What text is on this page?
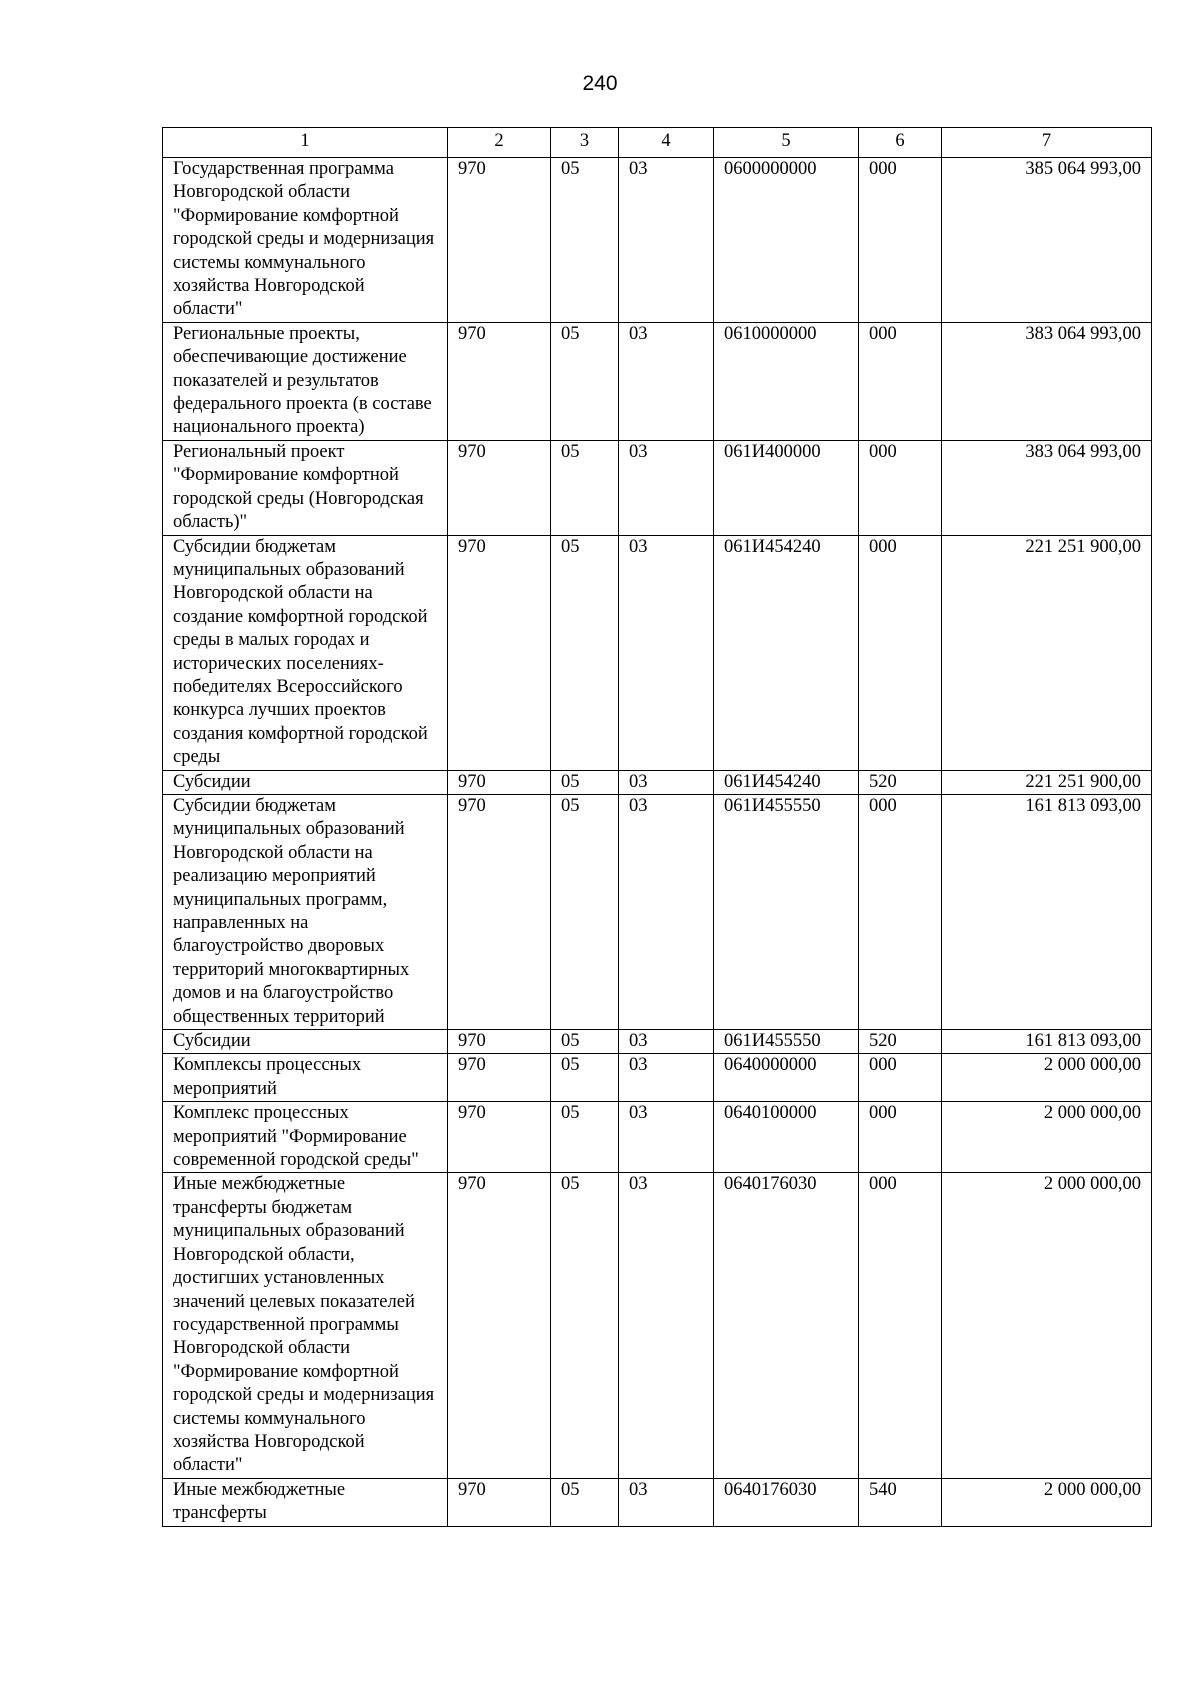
240
1	2	3	4	5	6	7
Государственная программа Новгородской области "Формирование комфортной городской среды и модернизация системы коммунального хозяйства Новгородской области"	970	05	03	0600000000	000	385 064 993,00
Региональные проекты, обеспечивающие достижение показателей и результатов федерального проекта (в составе национального проекта)	970	05	03	0610000000	000	383 064 993,00
Региональный проект "Формирование комфортной городской среды (Новгородская область)"	970	05	03	061И400000	000	383 064 993,00
Субсидии бюджетам муниципальных образований Новгородской области на создание комфортной городской среды в малых городах и исторических поселениях-победителях Всероссийского конкурса лучших проектов создания комфортной городской среды	970	05	03	061И454240	000	221 251 900,00
Субсидии	970	05	03	061И454240	520	221 251 900,00
Субсидии бюджетам муниципальных образований Новгородской области на реализацию мероприятий муниципальных программ, направленных на благоустройство дворовых территорий многоквартирных домов и на благоустройство общественных территорий	970	05	03	061И455550	000	161 813 093,00
Субсидии	970	05	03	061И455550	520	161 813 093,00
Комплексы процессных мероприятий	970	05	03	0640000000	000	2 000 000,00
Комплекс процессных мероприятий "Формирование современной городской среды"	970	05	03	0640100000	000	2 000 000,00
Иные межбюджетные трансферты бюджетам муниципальных образований Новгородской области, достигших установленных значений целевых показателей государственной программы Новгородской области "Формирование комфортной городской среды и модернизация системы коммунального хозяйства Новгородской области"	970	05	03	0640176030	000	2 000 000,00
Иные межбюджетные трансферты	970	05	03	0640176030	540	2 000 000,00
